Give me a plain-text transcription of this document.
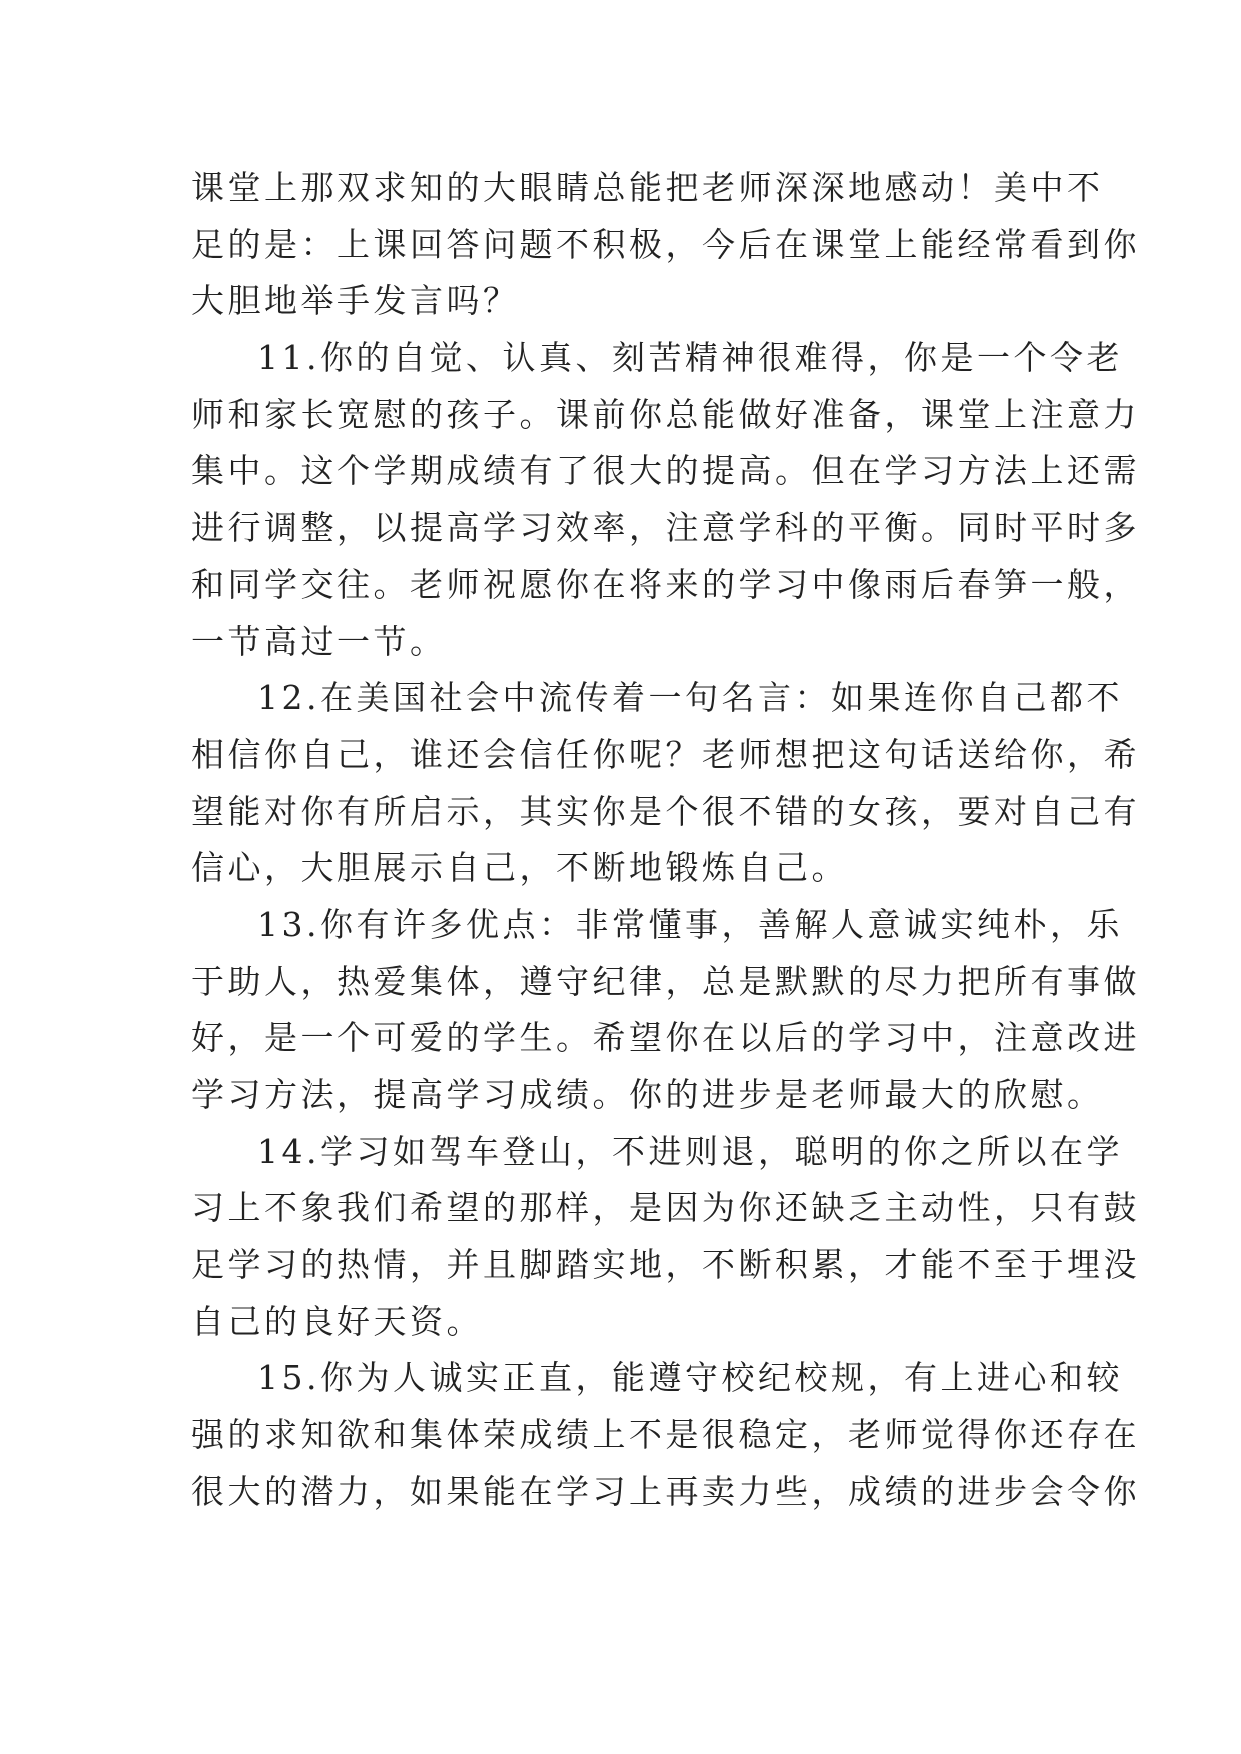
课堂上那双求知的大眼睛总能把老师深深地感动！美中不
足的是：上课回答问题不积极，今后在课堂上能经常看到你
大胆地举手发言吗？
11.你的自觉、认真、刻苦精神很难得，你是一个令老
师和家长宽慰的孩子。课前你总能做好准备，课堂上注意力
集中。这个学期成绩有了很大的提高。但在学习方法上还需
进行调整，以提高学习效率，注意学科的平衡。同时平时多
和同学交往。老师祝愿你在将来的学习中像雨后春笋一般，
一节高过一节。
12.在美国社会中流传着一句名言：如果连你自己都不
相信你自己，谁还会信任你呢？老师想把这句话送给你，希
望能对你有所启示，其实你是个很不错的女孩，要对自己有
信心，大胆展示自己，不断地锻炼自己。
13.你有许多优点：非常懂事，善解人意诚实纯朴，乐
于助人，热爱集体，遵守纪律，总是默默的尽力把所有事做
好，是一个可爱的学生。希望你在以后的学习中，注意改进
学习方法，提高学习成绩。你的进步是老师最大的欣慰。
14.学习如驾车登山，不进则退，聪明的你之所以在学
习上不象我们希望的那样，是因为你还缺乏主动性，只有鼓
足学习的热情，并且脚踏实地，不断积累，才能不至于埋没
自己的良好天资。
15.你为人诚实正直，能遵守校纪校规，有上进心和较
强的求知欲和集体荣成绩上不是很稳定，老师觉得你还存在
很大的潜力，如果能在学习上再卖力些，成绩的进步会令你
